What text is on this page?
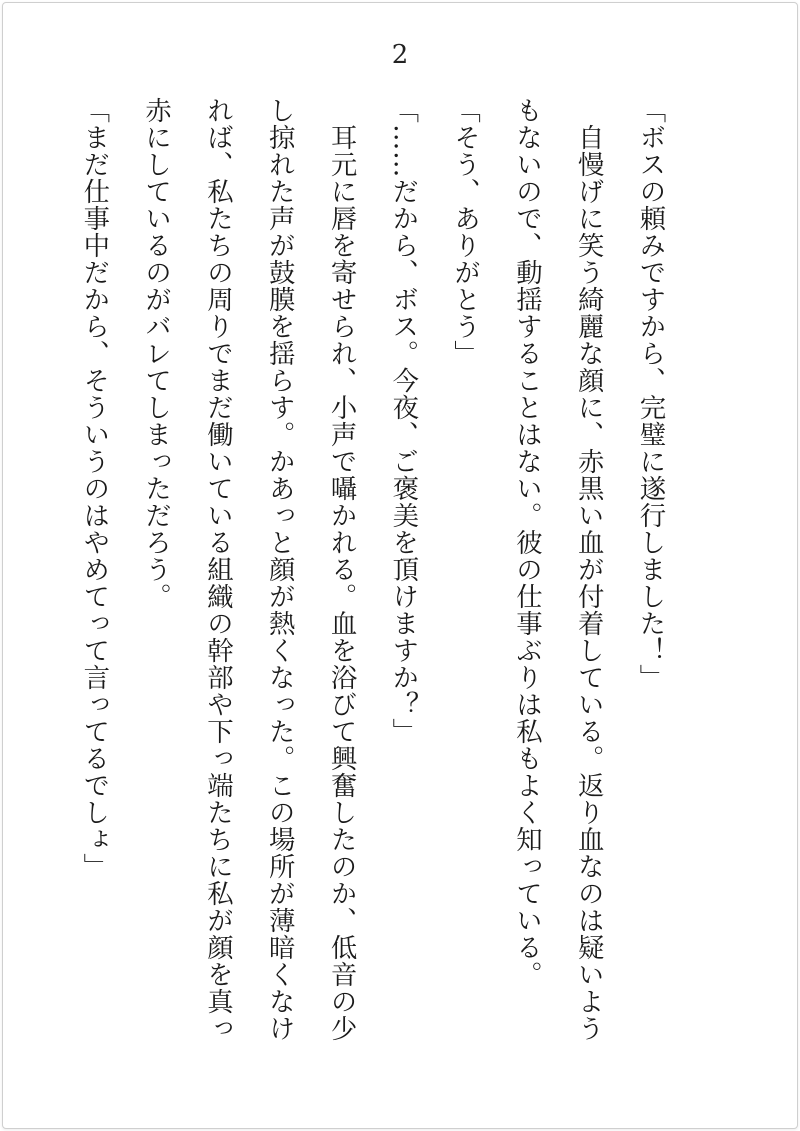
2

「ボスの頼みですから、完璧に遂行しました！」

　自慢げに笑う綺麗な顔に、赤黒い血が付着している。返り血なのは疑いようもないので、動揺することはない。彼の仕事ぶりは私もよく知っている。

「そう、ありがとう」

「……だから、ボス。今夜、ご褒美を頂けますか？」

　耳元に唇を寄せられ、小声で囁かれる。血を浴びて興奮したのか、低音の少し掠れた声が鼓膜を揺らす。かあっと顔が熱くなった。この場所が薄暗くなければ、私たちの周りでまだ働いている組織の幹部や下っ端たちに私が顔を真っ赤にしているのがバレてしまっただろう。

「まだ仕事中だから、そういうのはやめてって言ってるでしょ」
